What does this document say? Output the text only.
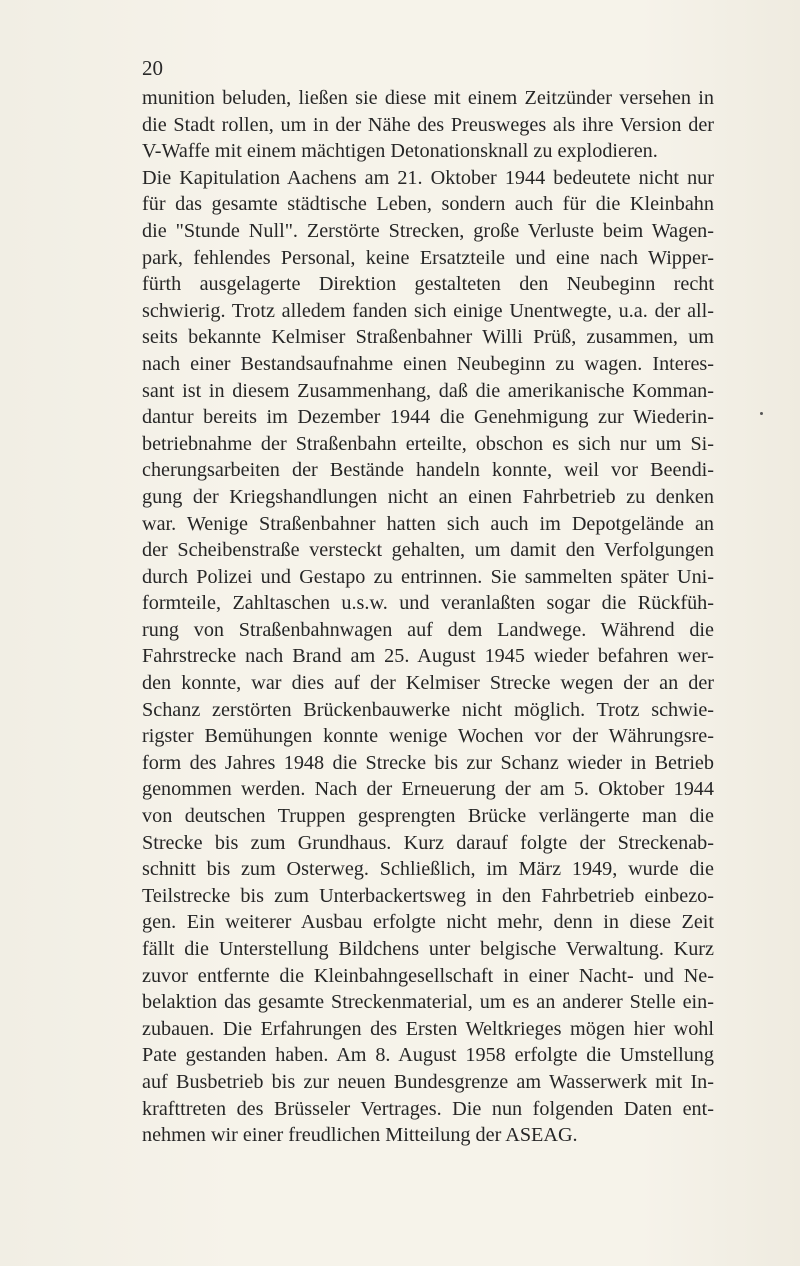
20
munition beluden, ließen sie diese mit einem Zeitzünder versehen in
die Stadt rollen, um in der Nähe des Preusweges als ihre Version der
V-Waffe mit einem mächtigen Detonationsknall zu explodieren.
Die Kapitulation Aachens am 21. Oktober 1944 bedeutete nicht nur
für das gesamte städtische Leben, sondern auch für die Kleinbahn
die "Stunde Null". Zerstörte Strecken, große Verluste beim Wagen-
park, fehlendes Personal, keine Ersatzteile und eine nach Wipper-
fürth ausgelagerte Direktion gestalteten den Neubeginn recht
schwierig. Trotz alledem fanden sich einige Unentwegte, u.a. der all-
seits bekannte Kelmiser Straßenbahner Willi Prüß, zusammen, um
nach einer Bestandsaufnahme einen Neubeginn zu wagen. Interes-
sant ist in diesem Zusammenhang, daß die amerikanische Komman-
dantur bereits im Dezember 1944 die Genehmigung zur Wiederin-
betriebnahme der Straßenbahn erteilte, obschon es sich nur um Si-
cherungsarbeiten der Bestände handeln konnte, weil vor Beendi-
gung der Kriegshandlungen nicht an einen Fahrbetrieb zu denken
war. Wenige Straßenbahner hatten sich auch im Depotgelände an
der Scheibenstraße versteckt gehalten, um damit den Verfolgungen
durch Polizei und Gestapo zu entrinnen. Sie sammelten später Uni-
formteile, Zahltaschen u.s.w. und veranlaßten sogar die Rückfüh-
rung von Straßenbahnwagen auf dem Landwege. Während die
Fahrstrecke nach Brand am 25. August 1945 wieder befahren wer-
den konnte, war dies auf der Kelmiser Strecke wegen der an der
Schanz zerstörten Brückenbauwerke nicht möglich. Trotz schwie-
rigster Bemühungen konnte wenige Wochen vor der Währungsre-
form des Jahres 1948 die Strecke bis zur Schanz wieder in Betrieb
genommen werden. Nach der Erneuerung der am 5. Oktober 1944
von deutschen Truppen gesprengten Brücke verlängerte man die
Strecke bis zum Grundhaus. Kurz darauf folgte der Streckenab-
schnitt bis zum Osterweg. Schließlich, im März 1949, wurde die
Teilstrecke bis zum Unterbackertsweg in den Fahrbetrieb einbezo-
gen. Ein weiterer Ausbau erfolgte nicht mehr, denn in diese Zeit
fällt die Unterstellung Bildchens unter belgische Verwaltung. Kurz
zuvor entfernte die Kleinbahngesellschaft in einer Nacht- und Ne-
belaktion das gesamte Streckenmaterial, um es an anderer Stelle ein-
zubauen. Die Erfahrungen des Ersten Weltkrieges mögen hier wohl
Pate gestanden haben. Am 8. August 1958 erfolgte die Umstellung
auf Busbetrieb bis zur neuen Bundesgrenze am Wasserwerk mit In-
krafttreten des Brüsseler Vertrages. Die nun folgenden Daten ent-
nehmen wir einer freudlichen Mitteilung der ASEAG.
